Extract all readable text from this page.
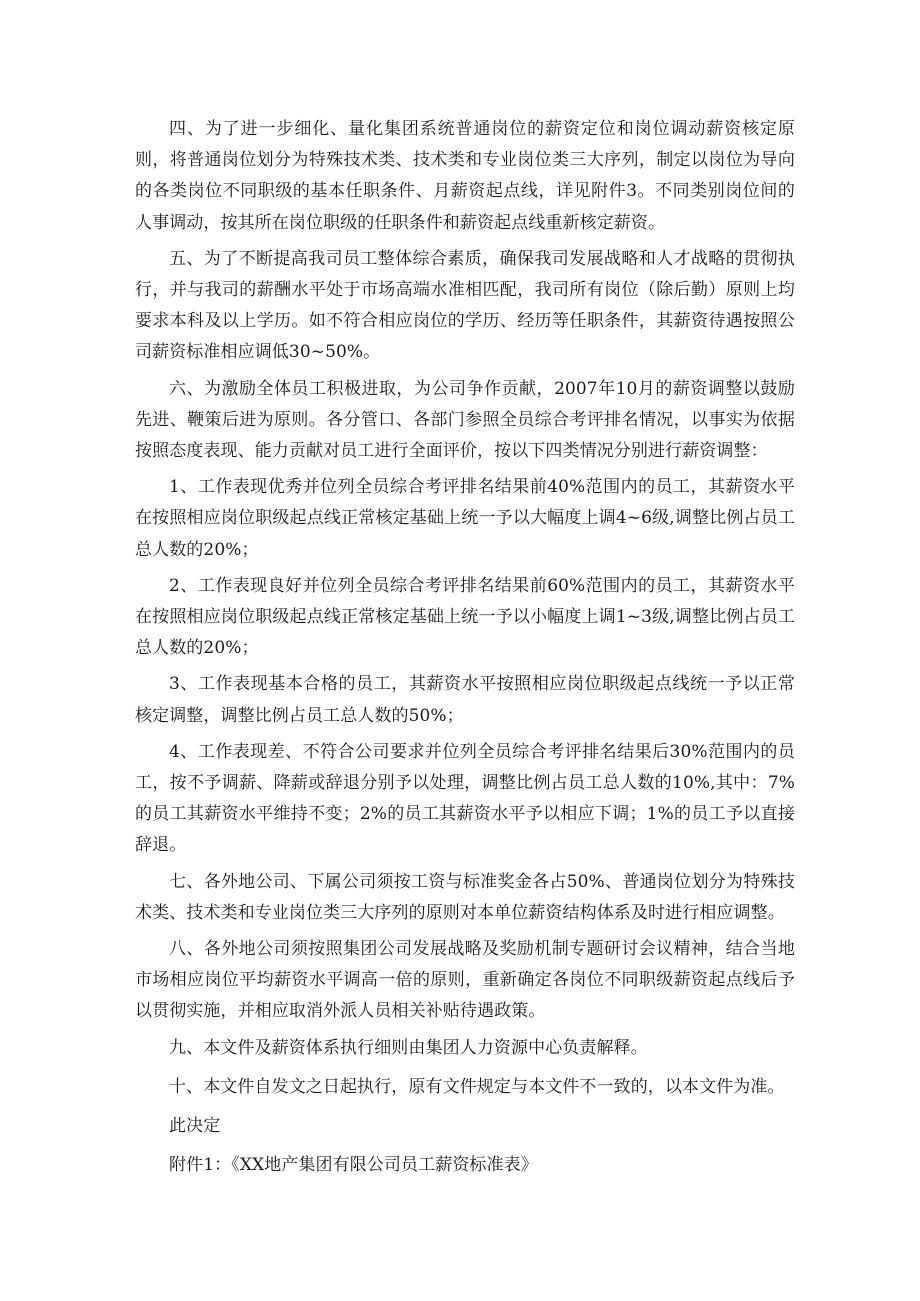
四、为了进一步细化、量化集团系统普通岗位的薪资定位和岗位调动薪资核定原则，将普通岗位划分为特殊技术类、技术类和专业岗位类三大序列，制定以岗位为导向的各类岗位不同职级的基本任职条件、月薪资起点线，详见附件3。不同类别岗位间的人事调动，按其所在岗位职级的任职条件和薪资起点线重新核定薪资。

五、为了不断提高我司员工整体综合素质，确保我司发展战略和人才战略的贯彻执行，并与我司的薪酬水平处于市场高端水准相匹配，我司所有岗位（除后勤）原则上均要求本科及以上学历。如不符合相应岗位的学历、经历等任职条件，其薪资待遇按照公司薪资标准相应调低30~50%。

六、为激励全体员工积极进取，为公司争作贡献，2007年10月的薪资调整以鼓励先进、鞭策后进为原则。各分管口、各部门参照全员综合考评排名情况，以事实为依据按照态度表现、能力贡献对员工进行全面评价，按以下四类情况分别进行薪资调整：

1、工作表现优秀并位列全员综合考评排名结果前40%范围内的员工，其薪资水平在按照相应岗位职级起点线正常核定基础上统一予以大幅度上调4~6级,调整比例占员工总人数的20%；

2、工作表现良好并位列全员综合考评排名结果前60%范围内的员工，其薪资水平在按照相应岗位职级起点线正常核定基础上统一予以小幅度上调1~3级,调整比例占员工总人数的20%；

3、工作表现基本合格的员工，其薪资水平按照相应岗位职级起点线统一予以正常核定调整，调整比例占员工总人数的50%；

4、工作表现差、不符合公司要求并位列全员综合考评排名结果后30%范围内的员工，按不予调薪、降薪或辞退分别予以处理，调整比例占员工总人数的10%,其中：7%的员工其薪资水平维持不变；2%的员工其薪资水平予以相应下调；1%的员工予以直接辞退。

七、各外地公司、下属公司须按工资与标准奖金各占50%、普通岗位划分为特殊技术类、技术类和专业岗位类三大序列的原则对本单位薪资结构体系及时进行相应调整。

八、各外地公司须按照集团公司发展战略及奖励机制专题研讨会议精神，结合当地市场相应岗位平均薪资水平调高一倍的原则，重新确定各岗位不同职级薪资起点线后予以贯彻实施，并相应取消外派人员相关补贴待遇政策。

九、本文件及薪资体系执行细则由集团人力资源中心负责解释。

十、本文件自发文之日起执行，原有文件规定与本文件不一致的，以本文件为准。

此决定

附件1：《XX地产集团有限公司员工薪资标准表》
